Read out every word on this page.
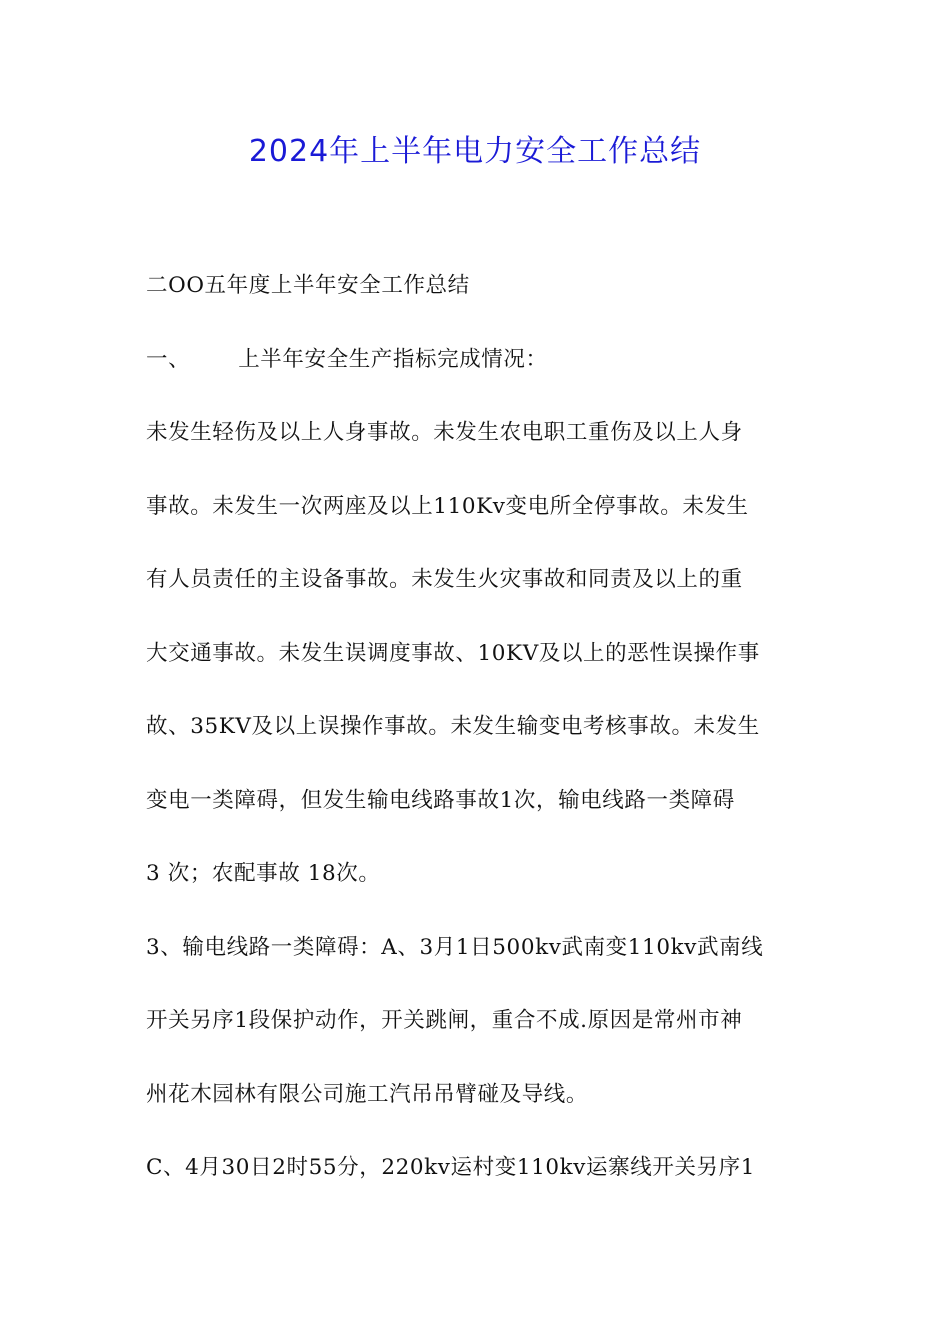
2024年上半年电力安全工作总结
二OO五年度上半年安全工作总结
一、 上半年安全生产指标完成情况：
未发生轻伤及以上人身事故。未发生农电职工重伤及以上人身
事故。未发生一次两座及以上110Kv变电所全停事故。未发生
有人员责任的主设备事故。未发生火灾事故和同责及以上的重
大交通事故。未发生误调度事故、10KV及以上的恶性误操作事
故、35KV及以上误操作事故。未发生输变电考核事故。未发生
变电一类障碍，但发生输电线路事故1次，输电线路一类障碍
3 次；农配事故 18次。
3、输电线路一类障碍：A、3月1日500kv武南变110kv武南线
开关另序1段保护动作，开关跳闸，重合不成.原因是常州市神
州花木园林有限公司施工汽吊吊臂碰及导线。
C、4月30日2时55分，220kv运村变110kv运寨线开关另序1
